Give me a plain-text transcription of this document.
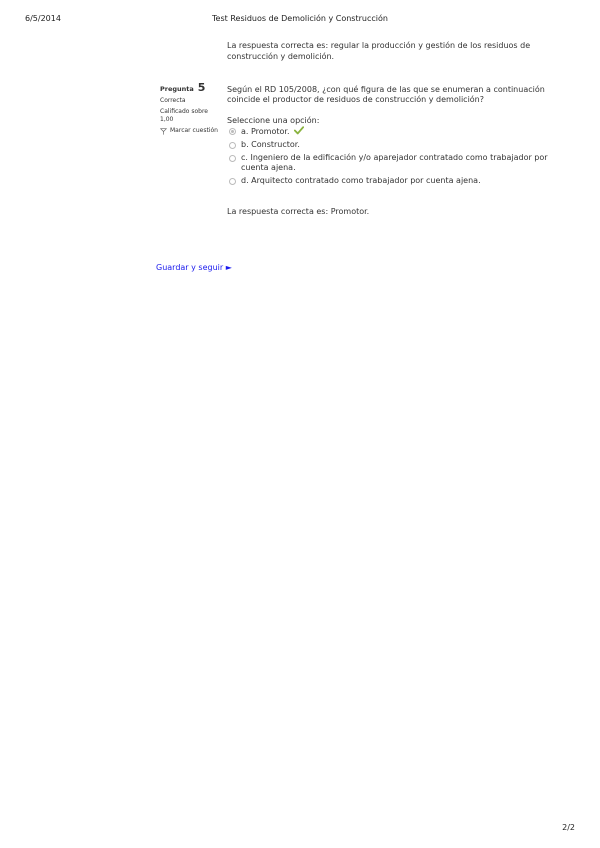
6/5/2014	Test Residuos de Demolición y Construcción
La respuesta correcta es: regular la producción y gestión de los residuos de construcción y demolición.
Pregunta 5
Correcta
Calificado sobre 1,00
Marcar cuestión
Según el RD 105/2008, ¿con qué figura de las que se enumeran a continuación coincide el productor de residuos de construcción y demolición?
Seleccione una opción:
a. Promotor.
b. Constructor.
c. Ingeniero de la edificación y/o aparejador contratado como trabajador por cuenta ajena.
d. Arquitecto contratado como trabajador por cuenta ajena.
La respuesta correcta es: Promotor.
Guardar y seguir ►
2/2
